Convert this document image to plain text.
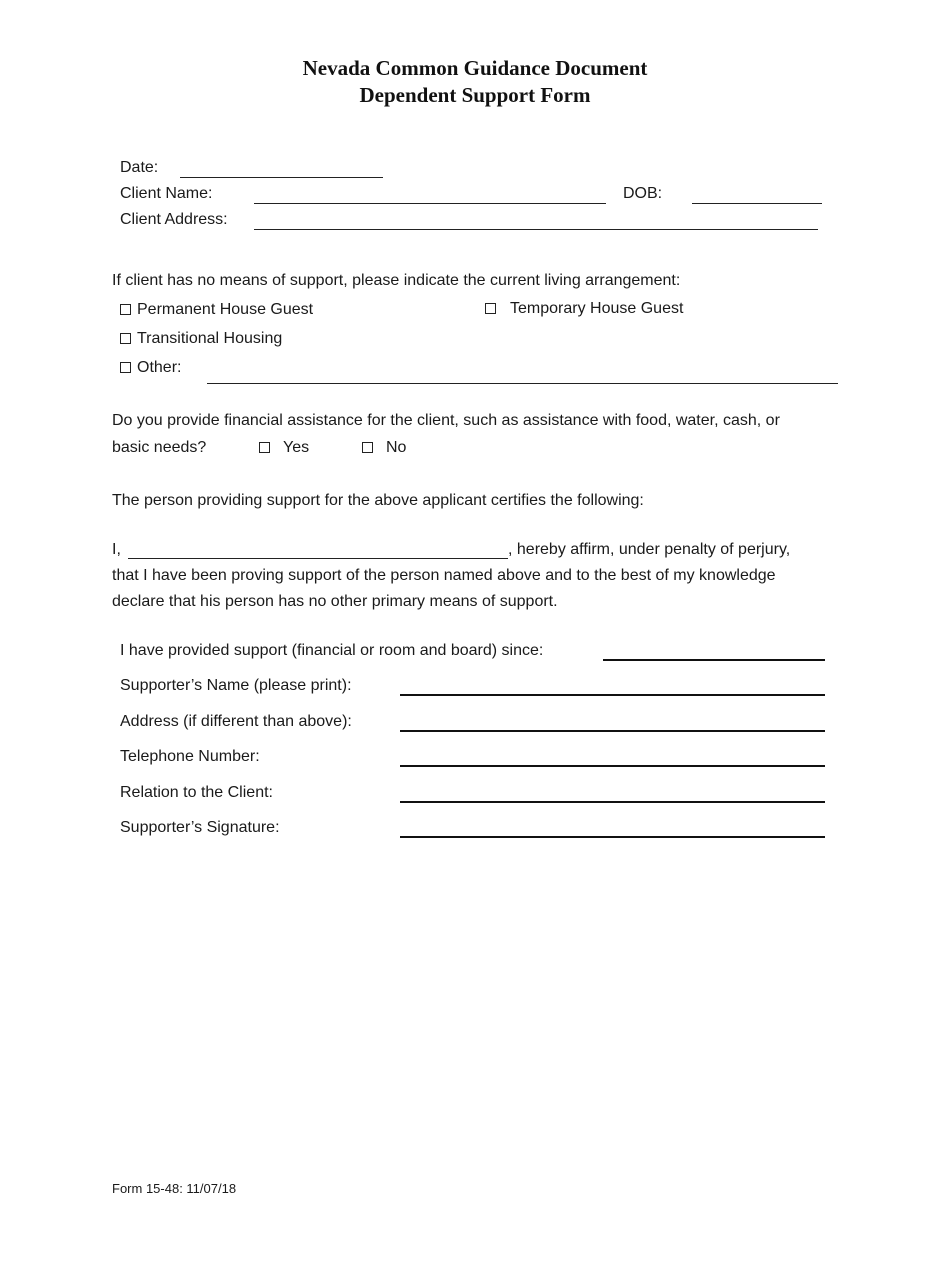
Nevada Common Guidance Document
Dependent Support Form
Date:
Client Name:	DOB:
Client Address:
If client has no means of support, please indicate the current living arrangement:
Permanent House Guest	Temporary House Guest
Transitional Housing
Other:
Do you provide financial assistance for the client, such as assistance with food, water, cash, or
basic needs?	Yes	No
The person providing support for the above applicant certifies the following:
I,	, hereby affirm, under penalty of perjury,
that I have been proving support of the person named above and to the best of my knowledge
declare that his person has no other primary means of support.
I have provided support (financial or room and board) since:
Supporter’s Name (please print):
Address (if different than above):
Telephone Number:
Relation to the Client:
Supporter’s Signature:
Form 15-48: 11/07/18
